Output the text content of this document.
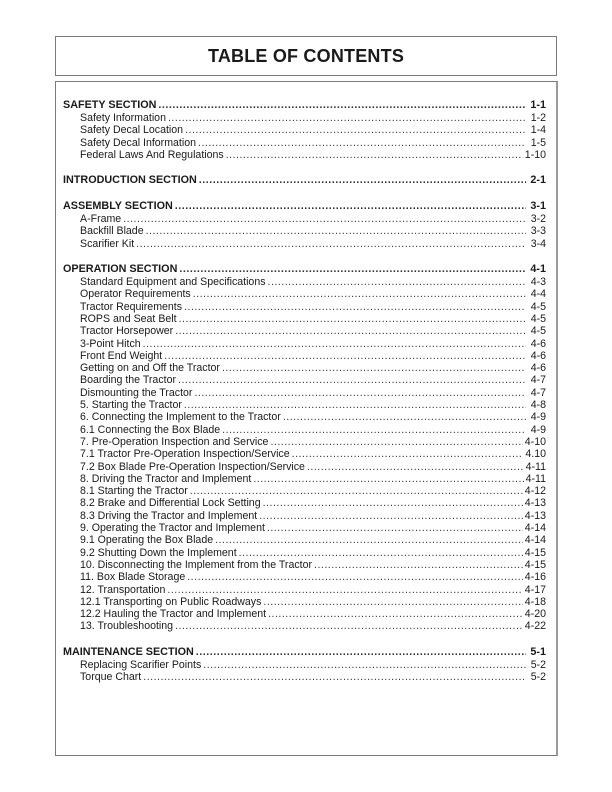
TABLE OF CONTENTS
SAFETY SECTION .....	1-1
Safety Information .....	1-2
Safety Decal Location .....	1-4
Safety Decal Information .....	1-5
Federal Laws And Regulations .....	1-10
INTRODUCTION SECTION .....	2-1
ASSEMBLY SECTION .....	3-1
A-Frame .....	3-2
Backfill Blade .....	3-3
Scarifier Kit .....	3-4
OPERATION SECTION .....	4-1
Standard Equipment and Specifications .....	4-3
Operator Requirements .....	4-4
Tractor Requirements .....	4-5
ROPS and Seat Belt .....	4-5
Tractor Horsepower .....	4-5
3-Point Hitch .....	4-6
Front End Weight .....	4-6
Getting on and Off the Tractor .....	4-6
Boarding the Tractor .....	4-7
Dismounting the Tractor .....	4-7
5. Starting the Tractor .....	4-8
6. Connecting the Implement to the Tractor .....	4-9
6.1 Connecting the Box Blade .....	4-9
7. Pre-Operation Inspection and Service .....	4-10
7.1 Tractor Pre-Operation Inspection/Service .....	4.10
7.2 Box Blade Pre-Operation Inspection/Service .....	4-11
8. Driving the Tractor and Implement .....	4-11
8.1 Starting the Tractor .....	4-12
8.2 Brake and Differential Lock Setting .....	4-13
8.3 Driving the Tractor and Implement .....	4-13
9. Operating the Tractor and Implement .....	4-14
9.1 Operating the Box Blade .....	4-14
9.2 Shutting Down the Implement .....	4-15
10. Disconnecting the Implement from the Tractor .....	4-15
11. Box Blade Storage .....	4-16
12. Transportation .....	4-17
12.1 Transporting on Public Roadways .....	4-18
12.2 Hauling the Tractor and Implement .....	4-20
13. Troubleshooting .....	4-22
MAINTENANCE SECTION .....	5-1
Replacing Scarifier Points .....	5-2
Torque Chart .....	5-2
